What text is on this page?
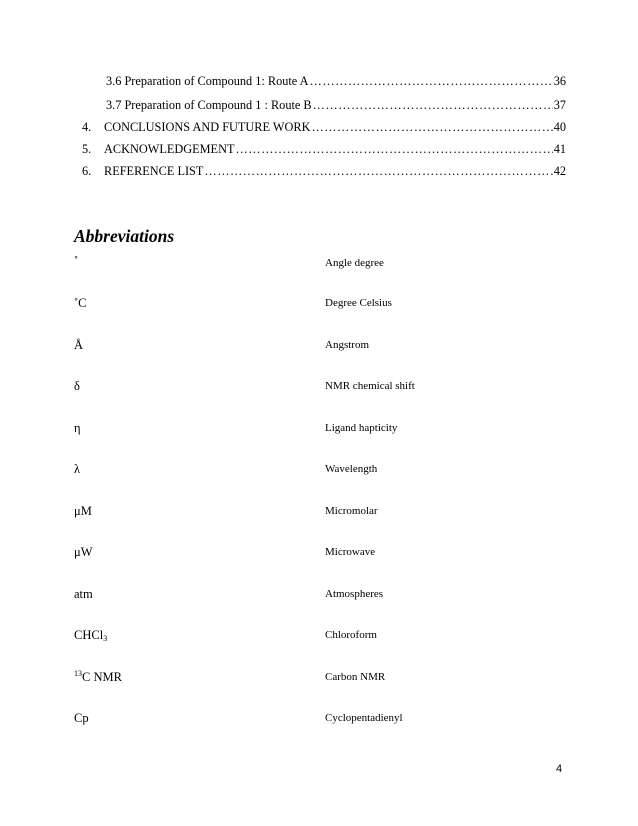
3.6 Preparation of Compound 1: Route A ……………………………………………………………………………………………………………………………………………………………………	36
3.7 Preparation of Compound 1 : Route B ……………………………………………………………………………………………………………………………………………………………………	37
4.	CONCLUSIONS AND FUTURE WORK ……………………………………………………………………………………………………………………………………………………………………	40
5.	ACKNOWLEDGEMENT ……………………………………………………………………………………………………………………………………………………………………	41
6.	REFERENCE LIST ……………………………………………………………………………………………………………………………………………………………………	42
Abbreviations
˚	Angle degree
˚C	Degree Celsius
Å	Angstrom
δ	NMR chemical shift
η	Ligand hapticity
λ	Wavelength
μM	Micromolar
μW	Microwave
atm	Atmospheres
CHCl$_3$	Chloroform
$^{13}$C NMR	Carbon NMR
Cp	Cyclopentadienyl
4
